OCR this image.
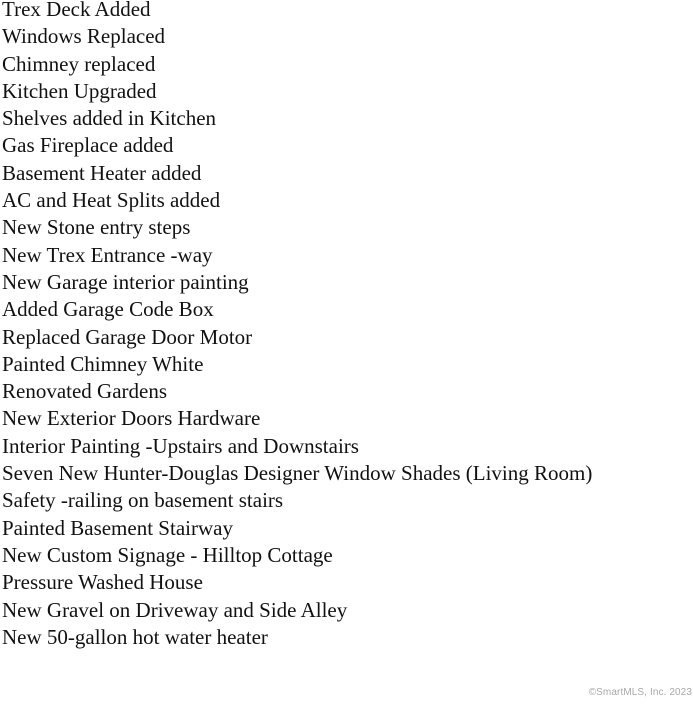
Trex Deck Added
Windows Replaced
Chimney replaced
Kitchen Upgraded
Shelves added in Kitchen
Gas Fireplace added
Basement Heater added
AC and Heat Splits added
New Stone entry steps
New Trex Entrance -way
New Garage interior painting
Added Garage Code Box
Replaced Garage Door Motor
Painted Chimney White
Renovated Gardens
New Exterior Doors Hardware
Interior Painting -Upstairs and Downstairs
Seven New Hunter-Douglas Designer Window Shades (Living Room)
Safety -railing on basement stairs
Painted Basement Stairway
New Custom Signage - Hilltop Cottage
Pressure Washed House
New Gravel on Driveway and Side Alley
New 50-gallon hot water heater
©SmartMLS, Inc. 2023
